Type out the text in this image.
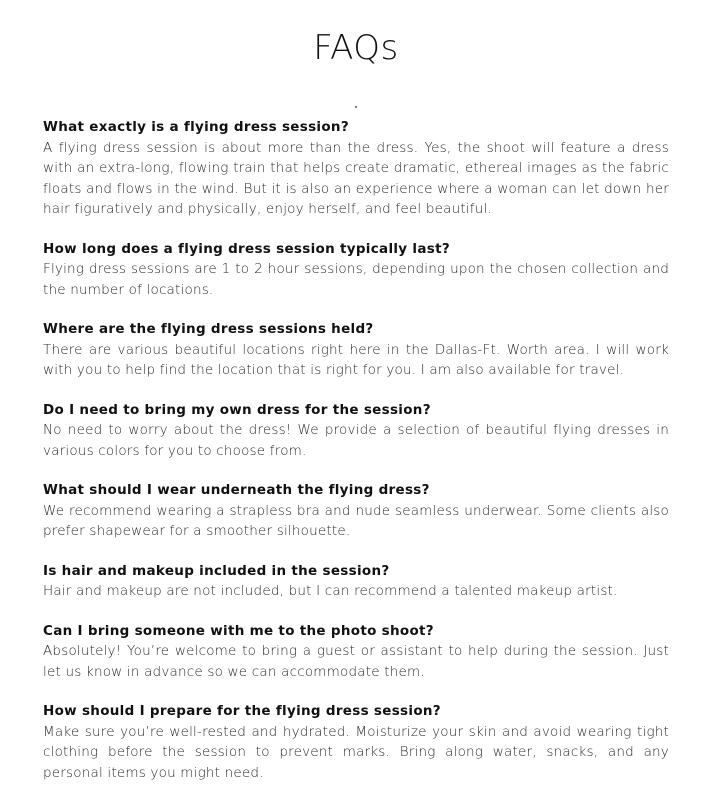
FAQs
What exactly is a flying dress session?
A flying dress session is about more than the dress. Yes, the shoot will feature a dress with an extra-long, flowing train that helps create dramatic, ethereal images as the fabric floats and flows in the wind. But it is also an experience where a woman can let down her hair figuratively and physically, enjoy herself, and feel beautiful.
How long does a flying dress session typically last?
Flying dress sessions are 1 to 2 hour sessions, depending upon the chosen collection and the number of locations.
Where are the flying dress sessions held?
There are various beautiful locations right here in the Dallas-Ft. Worth area. I will work with you to help find the location that is right for you. I am also available for travel.
Do I need to bring my own dress for the session?
No need to worry about the dress! We provide a selection of beautiful flying dresses in various colors for you to choose from.
What should I wear underneath the flying dress?
We recommend wearing a strapless bra and nude seamless underwear. Some clients also prefer shapewear for a smoother silhouette.
Is hair and makeup included in the session?
Hair and makeup are not included, but I can recommend a talented makeup artist.
Can I bring someone with me to the photo shoot?
Absolutely! You’re welcome to bring a guest or assistant to help during the session. Just let us know in advance so we can accommodate them.
How should I prepare for the flying dress session?
Make sure you’re well-rested and hydrated. Moisturize your skin and avoid wearing tight clothing before the session to prevent marks. Bring along water, snacks, and any personal items you might need.
